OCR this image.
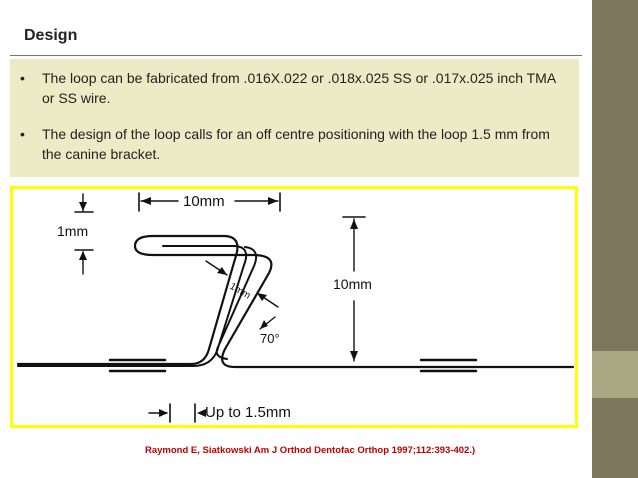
Design
• The loop can be fabricated from .016X.022 or .018x.025 SS or .017x.025 inch TMA or SS wire.
• The design of the loop calls for an off centre positioning with the loop 1.5 mm from the canine bracket.
10mm
1mm
1mm	10mm
70°
Up to 1.5mm
Raymond E, Siatkowski Am J Orthod Dentofac Orthop 1997;112:393-402.)
